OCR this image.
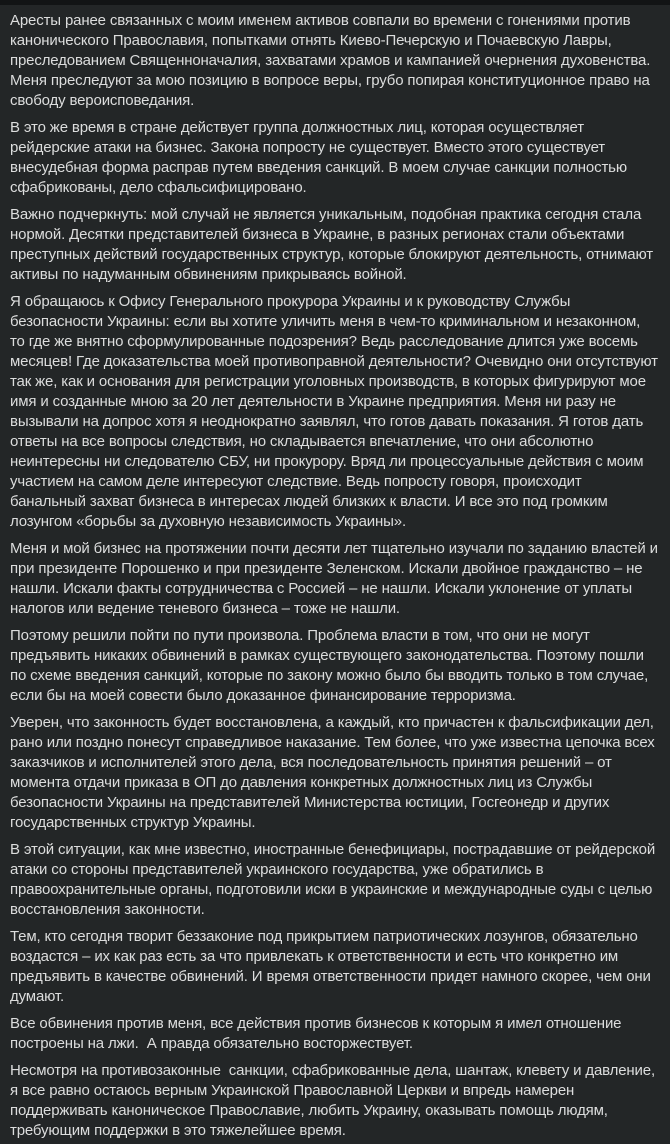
Аресты ранее связанных с моим именем активов совпали во времени с гонениями против канонического Православия, попытками отнять Киево-Печерскую и Почаевскую Лавры, преследованием Священноначалия, захватами храмов и кампанией очернения духовенства. Меня преследуют за мою позицию в вопросе веры, грубо попирая конституционное право на свободу вероисповедания.

В это же время в стране действует группа должностных лиц, которая осуществляет рейдерские атаки на бизнес. Закона попросту не существует. Вместо этого существует внесудебная форма расправ путем введения санкций. В моем случае санкции полностью сфабрикованы, дело сфальсифицировано.

Важно подчеркнуть: мой случай не является уникальным, подобная практика сегодня стала нормой. Десятки представителей бизнеса в Украине, в разных регионах стали объектами преступных действий государственных структур, которые блокируют деятельность, отнимают активы по надуманным обвинениям прикрываясь войной.

Я обращаюсь к Офису Генерального прокурора Украины и к руководству Службы безопасности Украины: если вы хотите уличить меня в чем-то криминальном и незаконном, то где же внятно сформулированные подозрения? Ведь расследование длится уже восемь месяцев! Где доказательства моей противоправной деятельности? Очевидно они отсутствуют так же, как и основания для регистрации уголовных производств, в которых фигурируют мое имя и созданные мною за 20 лет деятельности в Украине предприятия. Меня ни разу не вызывали на допрос хотя я неоднократно заявлял, что готов давать показания. Я готов дать ответы на все вопросы следствия, но складывается впечатление, что они абсолютно неинтересны ни следователю СБУ, ни прокурору. Вряд ли процессуальные действия с моим участием на самом деле интересуют следствие. Ведь попросту говоря, происходит  банальный захват бизнеса в интересах людей близких к власти. И все это под громким лозунгом «борьбы за духовную независимость Украины».

Меня и мой бизнес на протяжении почти десяти лет тщательно изучали по заданию властей и при президенте Порошенко и при президенте Зеленском. Искали двойное гражданство – не нашли. Искали факты сотрудничества с Россией – не нашли. Искали уклонение от уплаты налогов или ведение теневого бизнеса – тоже не нашли.

Поэтому решили пойти по пути произвола. Проблема власти в том, что они не могут предъявить никаких обвинений в рамках существующего законодательства. Поэтому пошли по схеме введения санкций, которые по закону можно было бы вводить только в том случае, если бы на моей совести было доказанное финансирование терроризма.

Уверен, что законность будет восстановлена, а каждый, кто причастен к фальсификации дел, рано или поздно понесут справедливое наказание. Тем более, что уже известна цепочка всех заказчиков и исполнителей этого дела, вся последовательность принятия решений – от момента отдачи приказа в ОП до давления конкретных должностных лиц из Службы безопасности Украины на представителей Министерства юстиции, Госгеонедр и других государственных структур Украины.

В этой ситуации, как мне известно, иностранные бенефициары, пострадавшие от рейдерской атаки со стороны представителей украинского государства, уже обратились в правоохранительные органы, подготовили иски в украинские и международные суды с целью восстановления законности.

Тем, кто сегодня творит беззаконие под прикрытием патриотических лозунгов, обязательно воздастся – их как раз есть за что привлекать к ответственности и есть что конкретно им предъявить в качестве обвинений. И время ответственности придет намного скорее, чем они думают.

Все обвинения против меня, все действия против бизнесов к которым я имел отношение построены на лжи.  А правда обязательно восторжествует.

Несмотря на противозаконные  санкции, сфабрикованные дела, шантаж, клевету и давление, я все равно остаюсь верным Украинской Православной Церкви и впредь намерен поддерживать каноническое Православие, любить Украину, оказывать помощь людям, требующим поддержки в это тяжелейшее время.
